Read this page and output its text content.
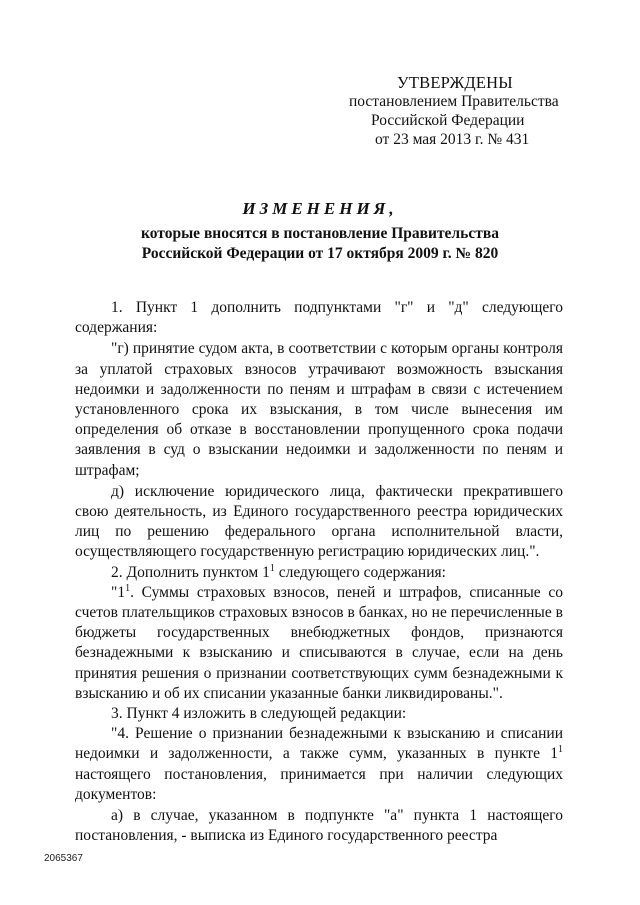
УТВЕРЖДЕНЫ
постановлением Правительства
Российской Федерации
от 23 мая 2013 г. № 431
ИЗМЕНЕНИЯ,
которые вносятся в постановление Правительства
Российской Федерации от 17 октября 2009 г. № 820

1. Пункт 1 дополнить подпунктами "г" и "д" следующего содержания:

"г) принятие судом акта, в соответствии с которым органы контроля за уплатой страховых взносов утрачивают возможность взыскания недоимки и задолженности по пеням и штрафам в связи с истечением установленного срока их взыскания, в том числе вынесения им определения об отказе в восстановлении пропущенного срока подачи заявления в суд о взыскании недоимки и задолженности по пеням и штрафам;

д) исключение юридического лица, фактически прекратившего свою деятельность, из Единого государственного реестра юридических лиц по решению федерального органа исполнительной власти, осуществляющего государственную регистрацию юридических лиц.".

2. Дополнить пунктом $1^1$ следующего содержания:

"$1^1$. Суммы страховых взносов, пеней и штрафов, списанные со счетов плательщиков страховых взносов в банках, но не перечисленные в бюджеты государственных внебюджетных фондов, признаются безнадежными к взысканию и списываются в случае, если на день принятия решения о признании соответствующих сумм безнадежными к взысканию и об их списании указанные банки ликвидированы.".

3. Пункт 4 изложить в следующей редакции:

"4. Решение о признании безнадежными к взысканию и списании недоимки и задолженности, а также сумм, указанных в пункте $1^1$ настоящего постановления, принимается при наличии следующих документов:

а) в случае, указанном в подпункте "а" пункта 1 настоящего постановления, - выписка из Единого государственного реестра

2065367
